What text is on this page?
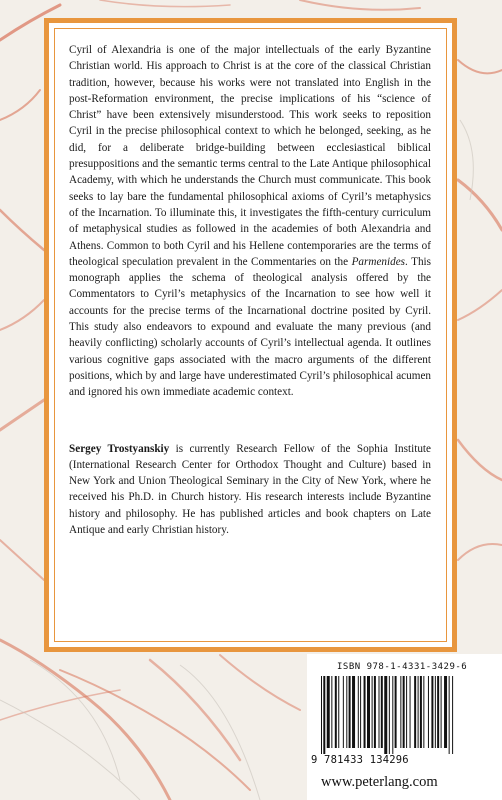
Cyril of Alexandria is one of the major intellectuals of the early Byzantine Christian world. His approach to Christ is at the core of the classical Christian tradition, however, because his works were not translated into English in the post-Reformation environment, the precise implications of his “science of Christ” have been extensively misunderstood. This work seeks to reposition Cyril in the precise philosophical context to which he belonged, seeking, as he did, for a deliberate bridge-building between ecclesiastical biblical presuppositions and the semantic terms central to the Late Antique philosophical Academy, with which he understands the Church must communicate. This book seeks to lay bare the fundamental philosophical axioms of Cyril’s metaphysics of the Incarnation. To illuminate this, it investigates the fifth-century curriculum of metaphysical studies as followed in the academies of both Alexandria and Athens. Common to both Cyril and his Hellene contemporaries are the terms of theological speculation prevalent in the Commentaries on the Parmenides. This monograph applies the schema of theological analysis offered by the Commentators to Cyril’s metaphysics of the Incarnation to see how well it accounts for the precise terms of the Incarnational doctrine posited by Cyril. This study also endeavors to expound and evaluate the many previous (and heavily conflicting) scholarly accounts of Cyril’s intellectual agenda. It outlines various cognitive gaps associated with the macro arguments of the different positions, which by and large have underestimated Cyril’s philosophical acumen and ignored his own immediate academic context.

Sergey Trostyanskiy is currently Research Fellow of the Sophia Institute (International Research Center for Orthodox Thought and Culture) based in New York and Union Theological Seminary in the City of New York, where he received his Ph.D. in Church history. His research interests include Byzantine history and philosophy. He has published articles and book chapters on Late Antique and early Christian history.

ISBN 978-1-4331-3429-6
9 781433 134296
www.peterlang.com
